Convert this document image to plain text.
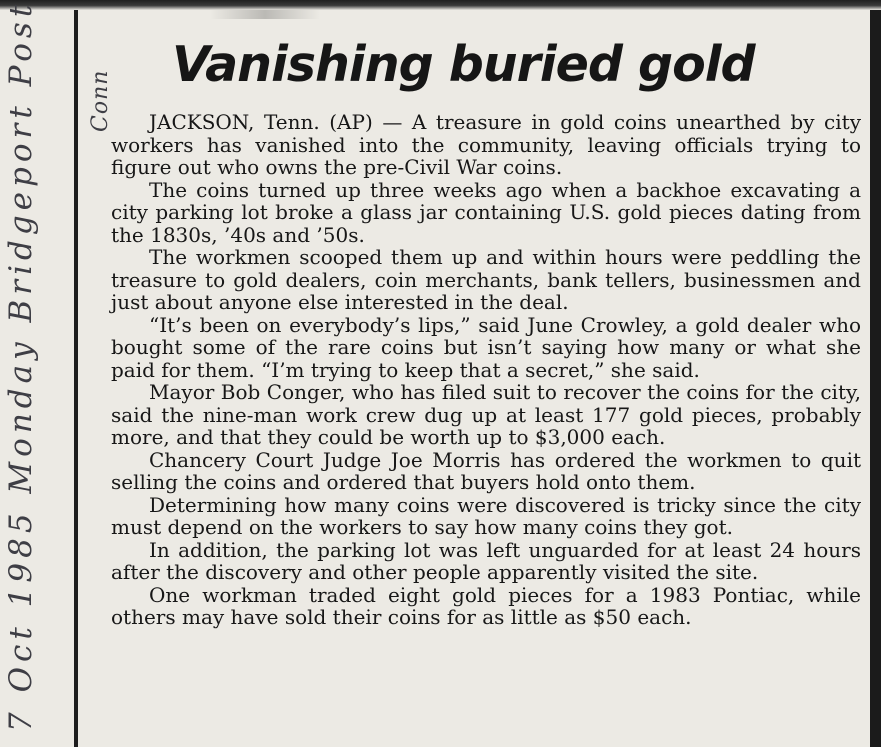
7 Oct 1985 Monday Bridgeport Post Conn
Vanishing buried gold

JACKSON, Tenn. (AP) — A treasure in gold coins unearthed by city workers has vanished into the community, leaving officials trying to figure out who owns the pre-Civil War coins.

The coins turned up three weeks ago when a backhoe excavating a city parking lot broke a glass jar containing U.S. gold pieces dating from the 1830s, ’40s and ’50s.

The workmen scooped them up and within hours were peddling the treasure to gold dealers, coin merchants, bank tellers, businessmen and just about anyone else interested in the deal.

“It’s been on everybody’s lips,” said June Crowley, a gold dealer who bought some of the rare coins but isn’t saying how many or what she paid for them. “I’m trying to keep that a secret,” she said.

Mayor Bob Conger, who has filed suit to recover the coins for the city, said the nine-man work crew dug up at least 177 gold pieces, probably more, and that they could be worth up to $3,000 each.

Chancery Court Judge Joe Morris has ordered the workmen to quit selling the coins and ordered that buyers hold onto them.

Determining how many coins were discovered is tricky since the city must depend on the workers to say how many coins they got.

In addition, the parking lot was left unguarded for at least 24 hours after the discovery and other people apparently visited the site.

One workman traded eight gold pieces for a 1983 Pontiac, while others may have sold their coins for as little as $50 each.
